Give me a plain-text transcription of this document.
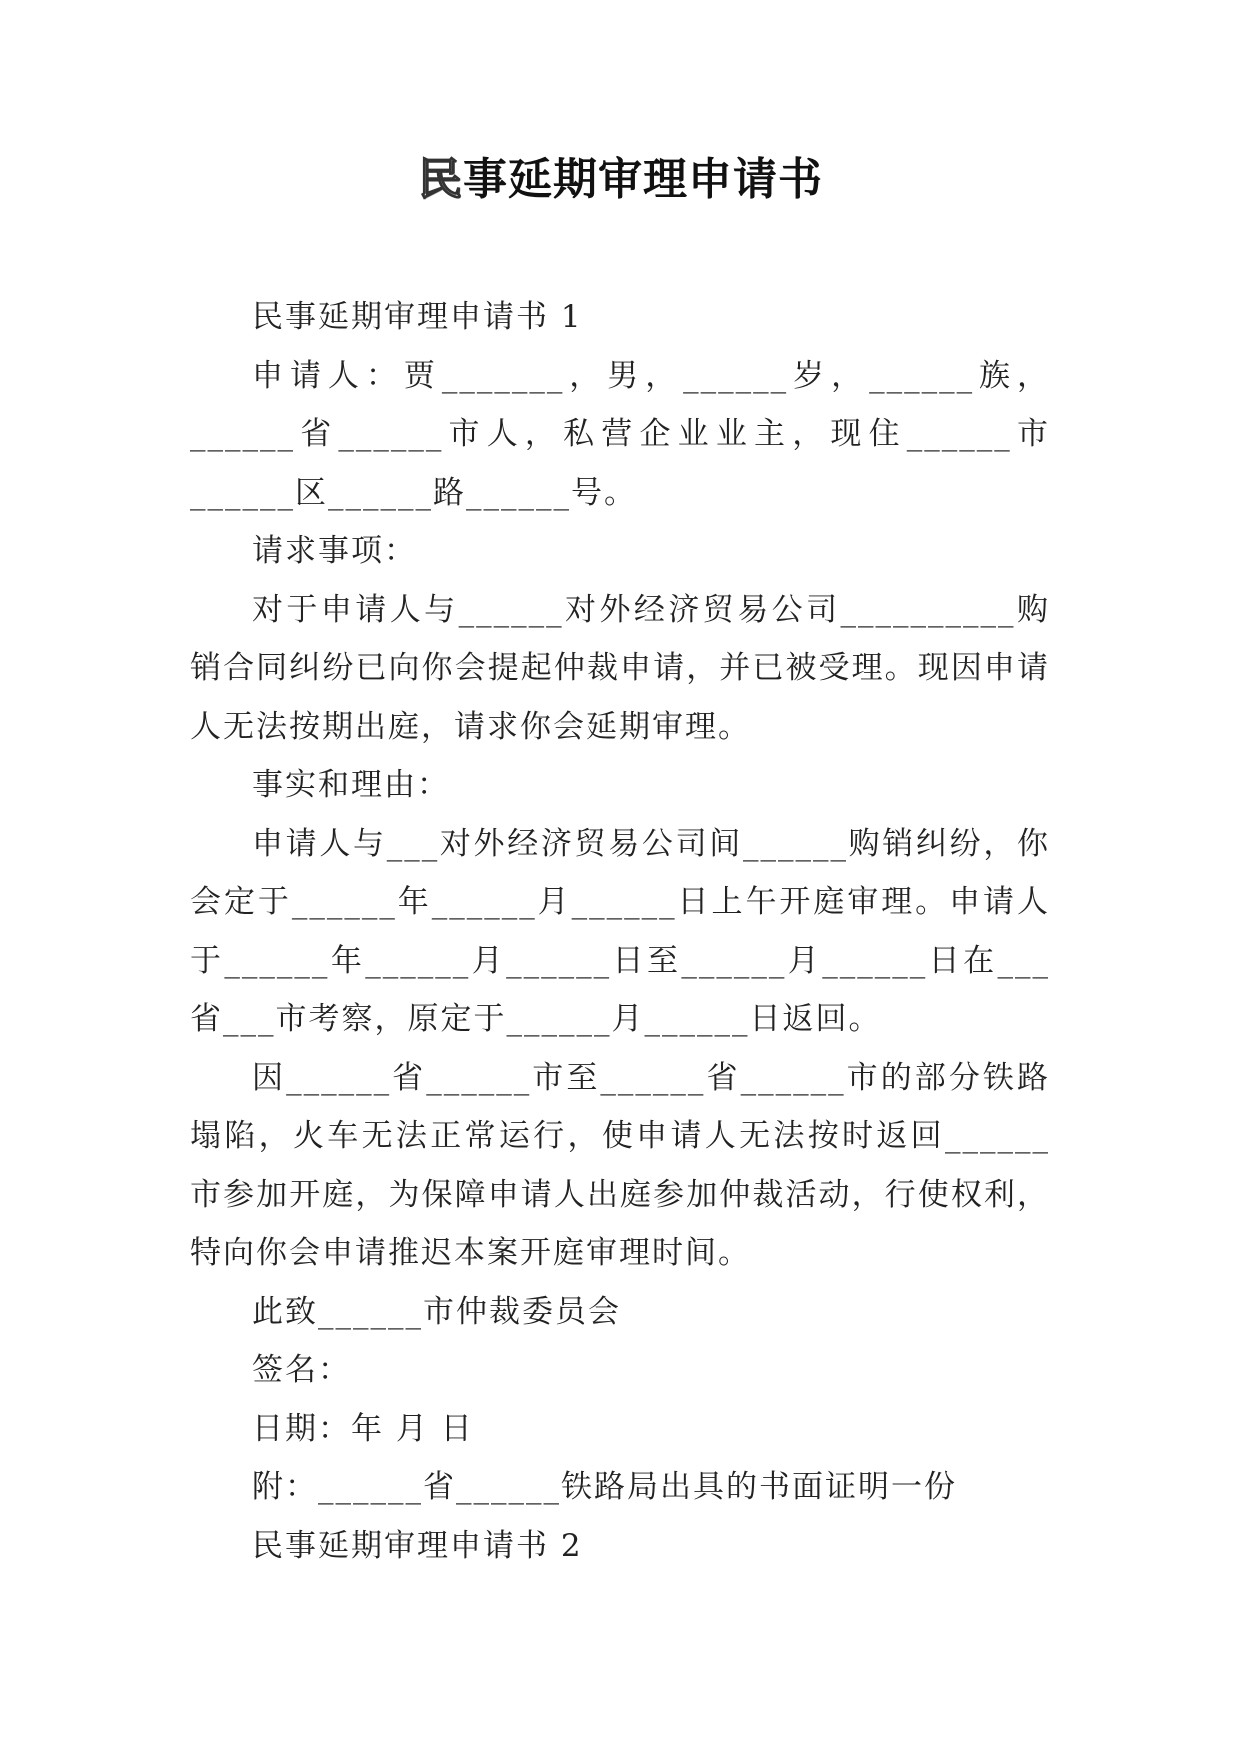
民事延期审理申请书

民事延期审理申请书 1

申请人：贾_______，男，______岁，______族，______省______市人，私营企业业主，现住______市______区______路______号。

请求事项：

对于申请人与______对外经济贸易公司__________购销合同纠纷已向你会提起仲裁申请，并已被受理。现因申请人无法按期出庭，请求你会延期审理。

事实和理由：

申请人与___对外经济贸易公司间______购销纠纷，你会定于______年______月______日上午开庭审理。申请人于______年______月______日至______月______日在___省___市考察，原定于______月______日返回。

因______省______市至______省______市的部分铁路塌陷，火车无法正常运行，使申请人无法按时返回______市参加开庭，为保障申请人出庭参加仲裁活动，行使权利，特向你会申请推迟本案开庭审理时间。

此致______市仲裁委员会

签名：

日期：年 月 日

附：______省______铁路局出具的书面证明一份

民事延期审理申请书 2
